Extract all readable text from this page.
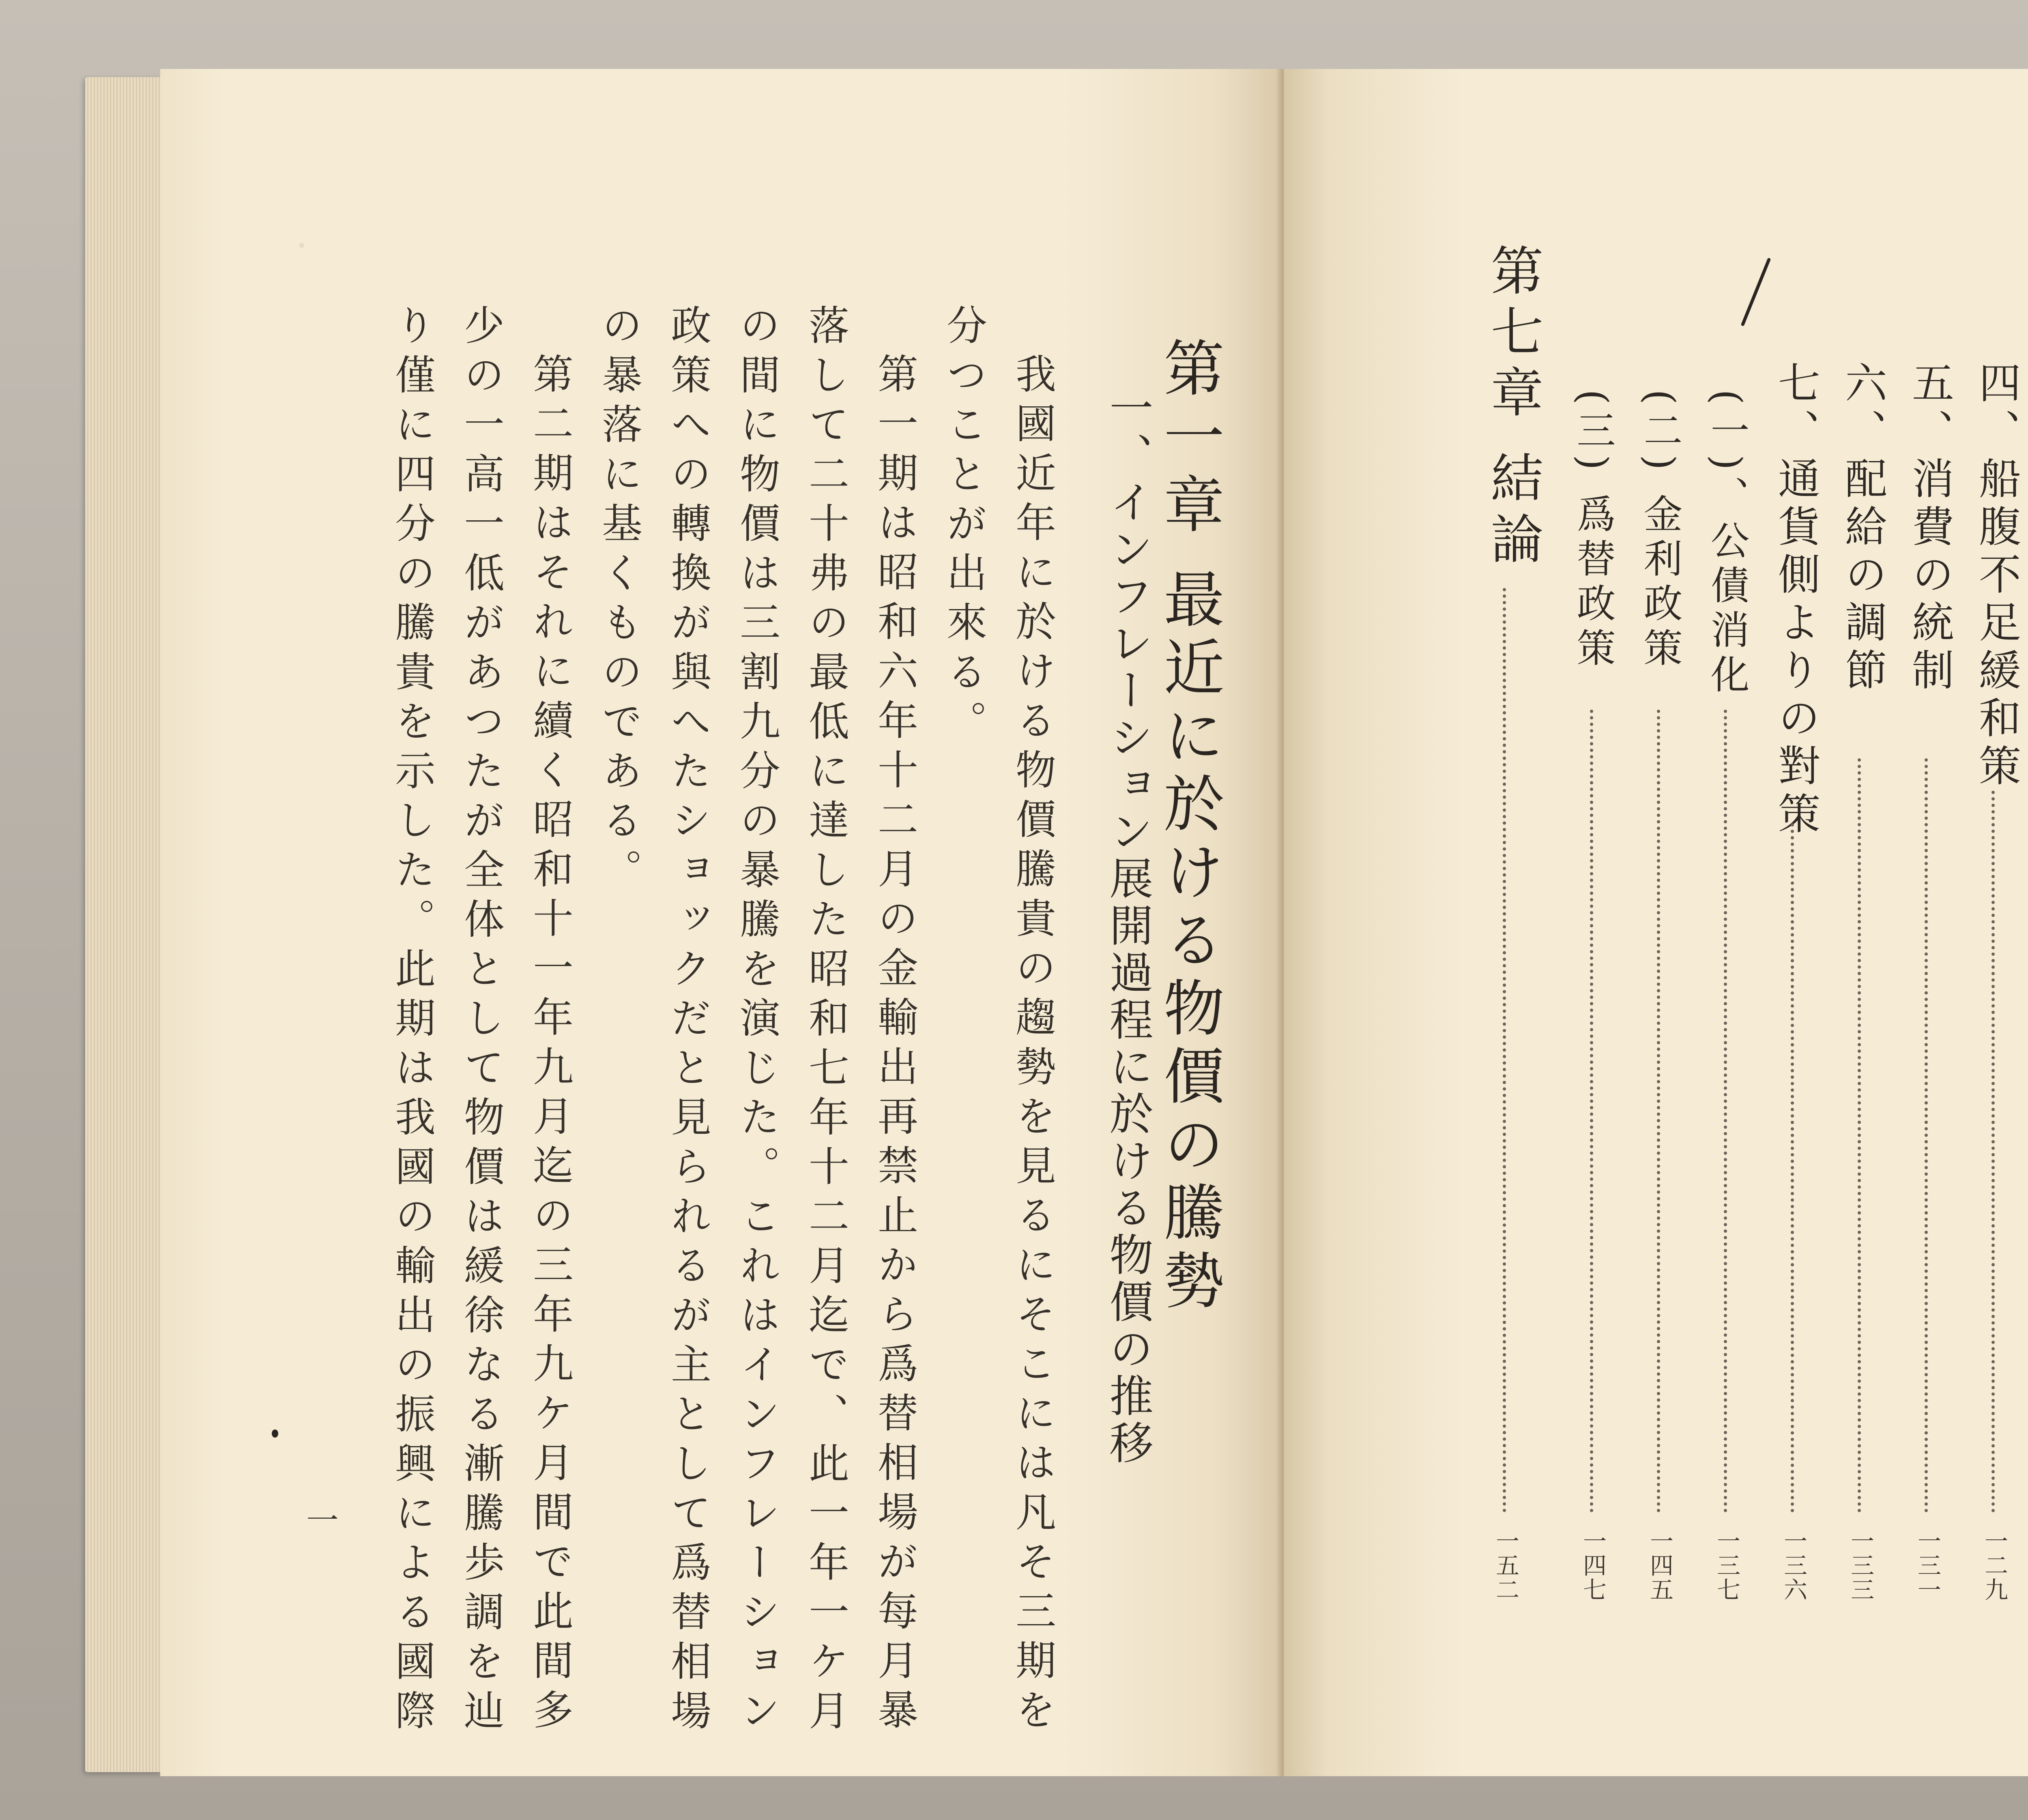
·
第一章 最近に於ける物價の騰勢
一、インフレーション展開過程に於ける物價の推移
我國近年に於ける物價騰貴の趨勢を見るにそこには凡そ三期を
分つことが出來る。
第一期は昭和六年十二月の金輸出再禁止から爲替相場が每月暴
落して二十弗の最低に達した昭和七年十二月迄で、此一年一ケ月
の間に物價は三割九分の暴騰を演じた。これはインフレーション
政策への轉換が與へたショックだと見られるが主として爲替相場
の暴落に基くものである。
第二期はそれに續く昭和十一年九月迄の三年九ケ月間で此間多
少の一高一低があつたが全体として物價は緩徐なる漸騰歩調を辿
り僅に四分の騰貴を示した。此期は我國の輸出の振興による國際
一
四、船腹不足緩和策
一二九
五、消費の統制
一三一
六、配給の調節
一三三
七、通貨側よりの對策
一三六
(一)、公債消化
一三七
(二) 金利政策
一四五
(三) 爲替政策
一四七
第七章 結論
一五二
